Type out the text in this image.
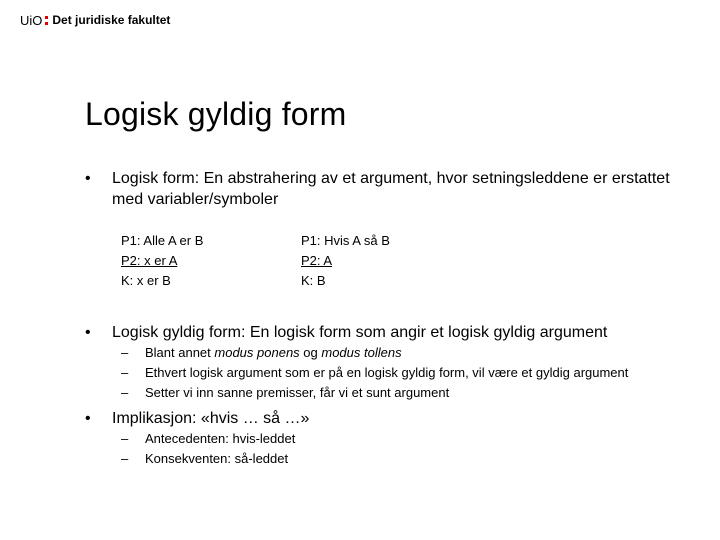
UiO Det juridiske fakultet
Logisk gyldig form
• Logisk form: En abstrahering av et argument, hvor setningsleddene er erstattet med variabler/symboler
P1: Alle A er B
P2: x er A
K: x er B
P1: Hvis A så B
P2: A
K: B
• Logisk gyldig form: En logisk form som angir et logisk gyldig argument
– Blant annet modus ponens og modus tollens
– Ethvert logisk argument som er på en logisk gyldig form, vil være et gyldig argument
– Setter vi inn sanne premisser, får vi et sunt argument
• Implikasjon: «hvis … så …»
– Antecedenten: hvis-leddet
– Konsekventen: så-leddet
